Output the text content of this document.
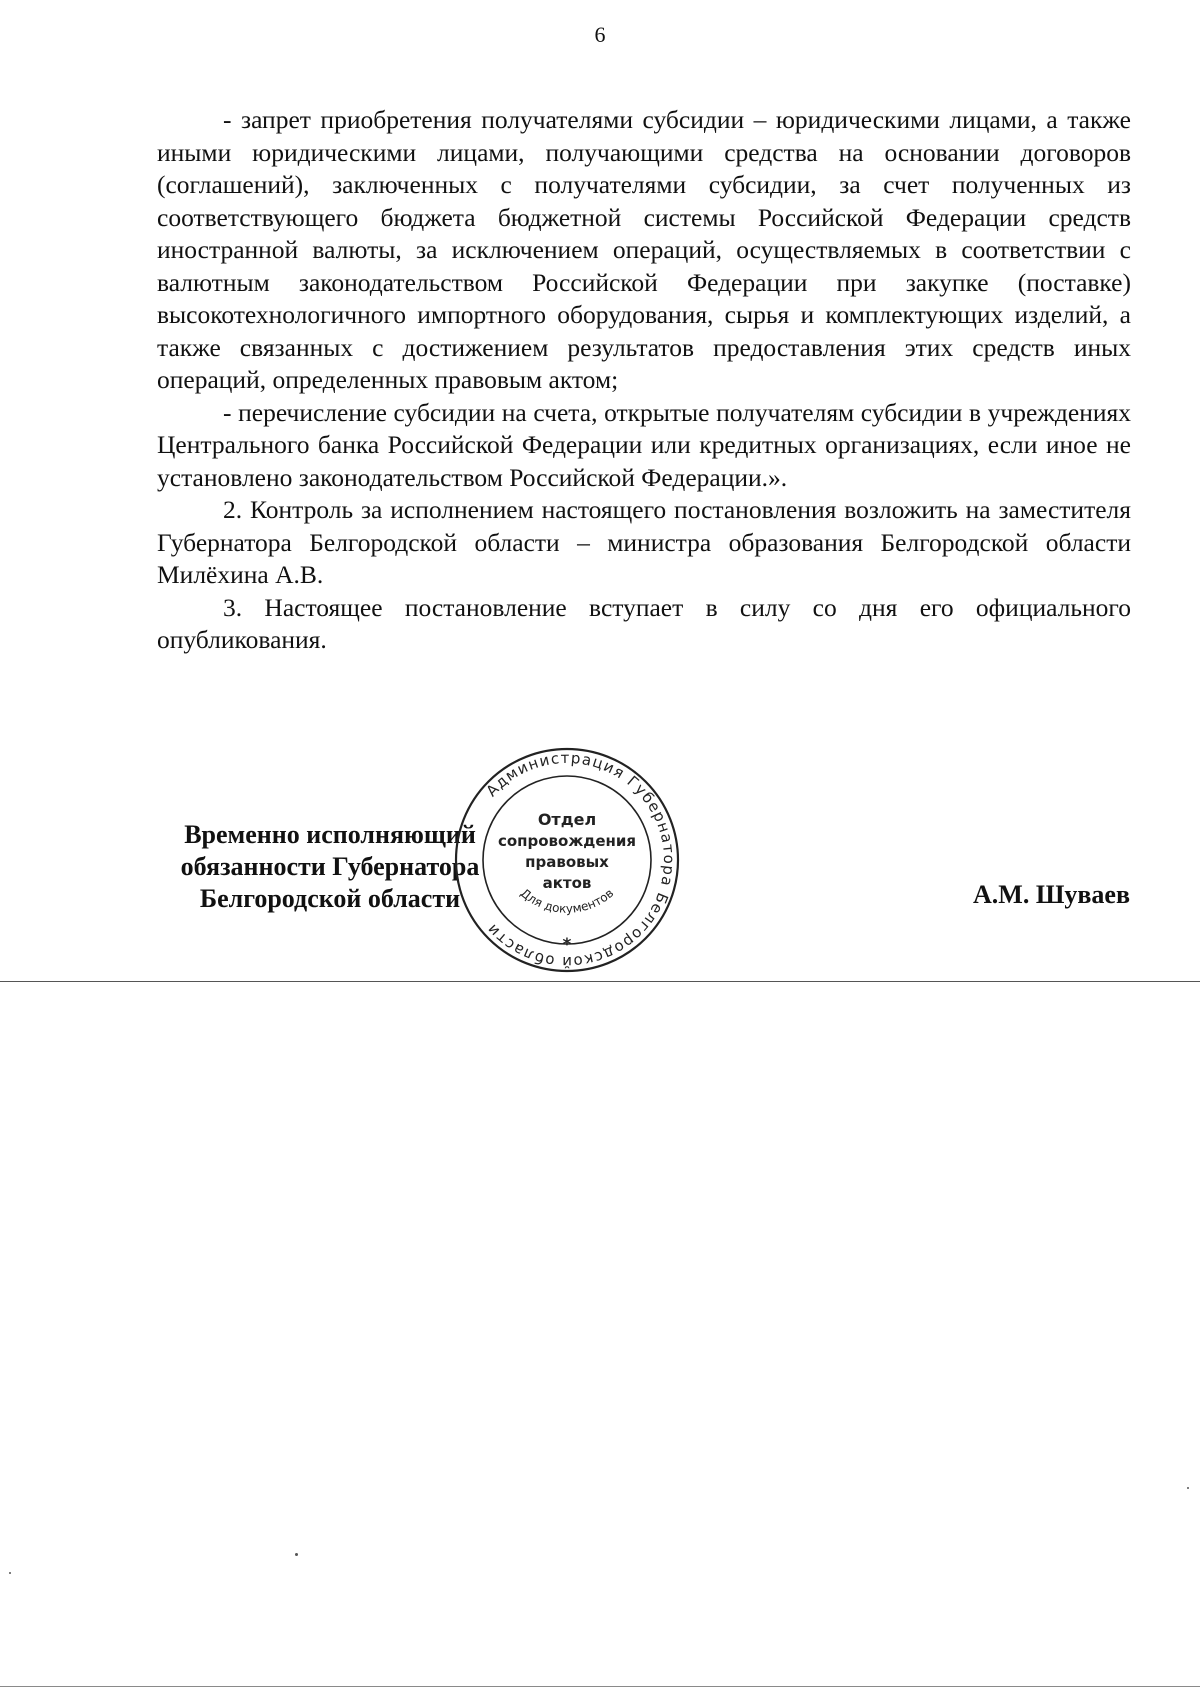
6

- запрет приобретения получателями субсидии – юридическими лицами, а также иными юридическими лицами, получающими средства на основании договоров (соглашений), заключенных с получателями субсидии, за счет полученных из соответствующего бюджета бюджетной системы Российской Федерации средств иностранной валюты, за исключением операций, осуществляемых в соответствии с валютным законодательством Российской Федерации при закупке (поставке) высокотехнологичного импортного оборудования, сырья и комплектующих изделий, а также связанных с достижением результатов предоставления этих средств иных операций, определенных правовым актом;

- перечисление субсидии на счета, открытые получателям субсидии в учреждениях Центрального банка Российской Федерации или кредитных организациях, если иное не установлено законодательством Российской Федерации.».

2. Контроль за исполнением настоящего постановления возложить на заместителя Губернатора Белгородской области – министра образования Белгородской области Милёхина А.В.

3. Настоящее постановление вступает в силу со дня его официального опубликования.

Временно исполняющий
обязанности Губернатора
Белгородской области
Администрация Губернатора Белгородской области
Для документов
Отдел
сопровождения
правовых
актов
*
А.М. Шуваев
